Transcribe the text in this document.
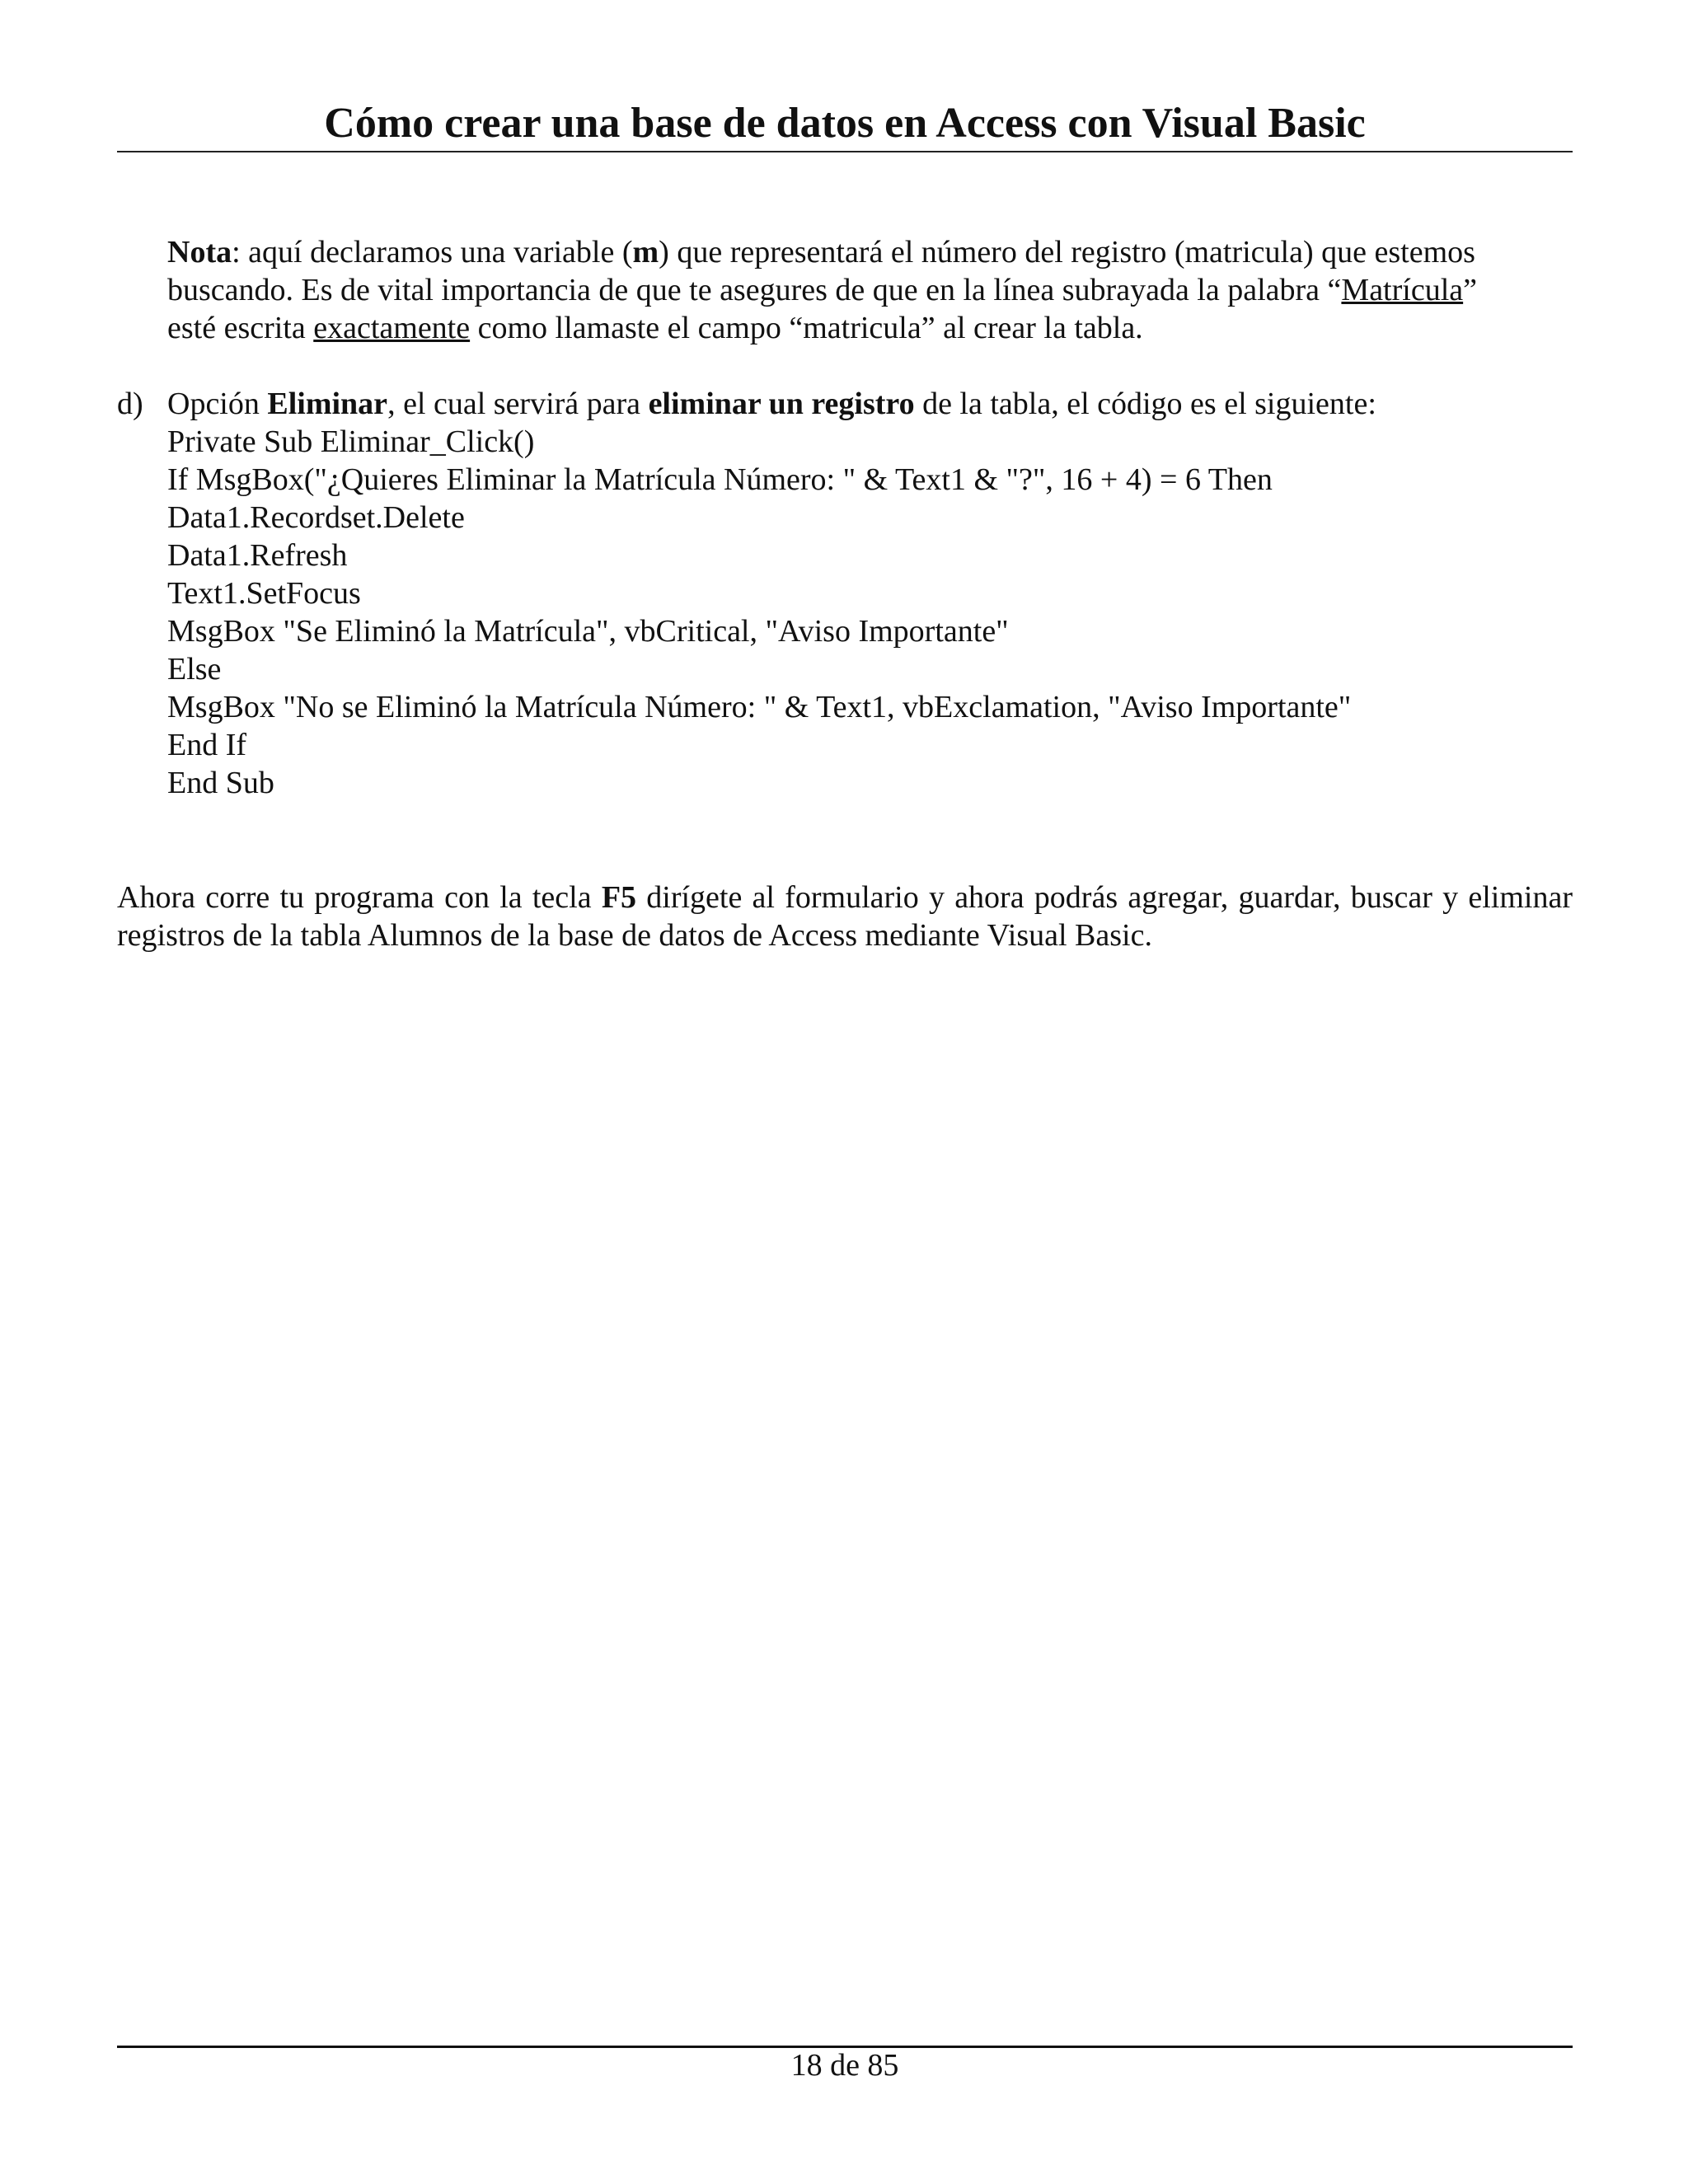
Cómo crear una base de datos en Access con Visual Basic
Nota: aquí declaramos una variable (m) que representará el número del registro (matricula) que estemos
buscando. Es de vital importancia de que te asegures de que en la línea subrayada la palabra “Matrícula”
esté escrita exactamente como llamaste el campo “matricula” al crear la tabla.
d) Opción Eliminar, el cual servirá para eliminar un registro de la tabla, el código es el siguiente:
Private Sub Eliminar_Click()
If MsgBox("¿Quieres Eliminar la Matrícula Número: " & Text1 & "?", 16 + 4) = 6 Then
Data1.Recordset.Delete
Data1.Refresh
Text1.SetFocus
MsgBox "Se Eliminó la Matrícula", vbCritical, "Aviso Importante"
Else
MsgBox "No se Eliminó la Matrícula Número: " & Text1, vbExclamation, "Aviso Importante"
End If
End Sub
Ahora corre tu programa con la tecla F5 dirígete al formulario y ahora podrás agregar, guardar, buscar y eliminar registros de la tabla Alumnos de la base de datos de Access mediante Visual Basic.
18 de 85
